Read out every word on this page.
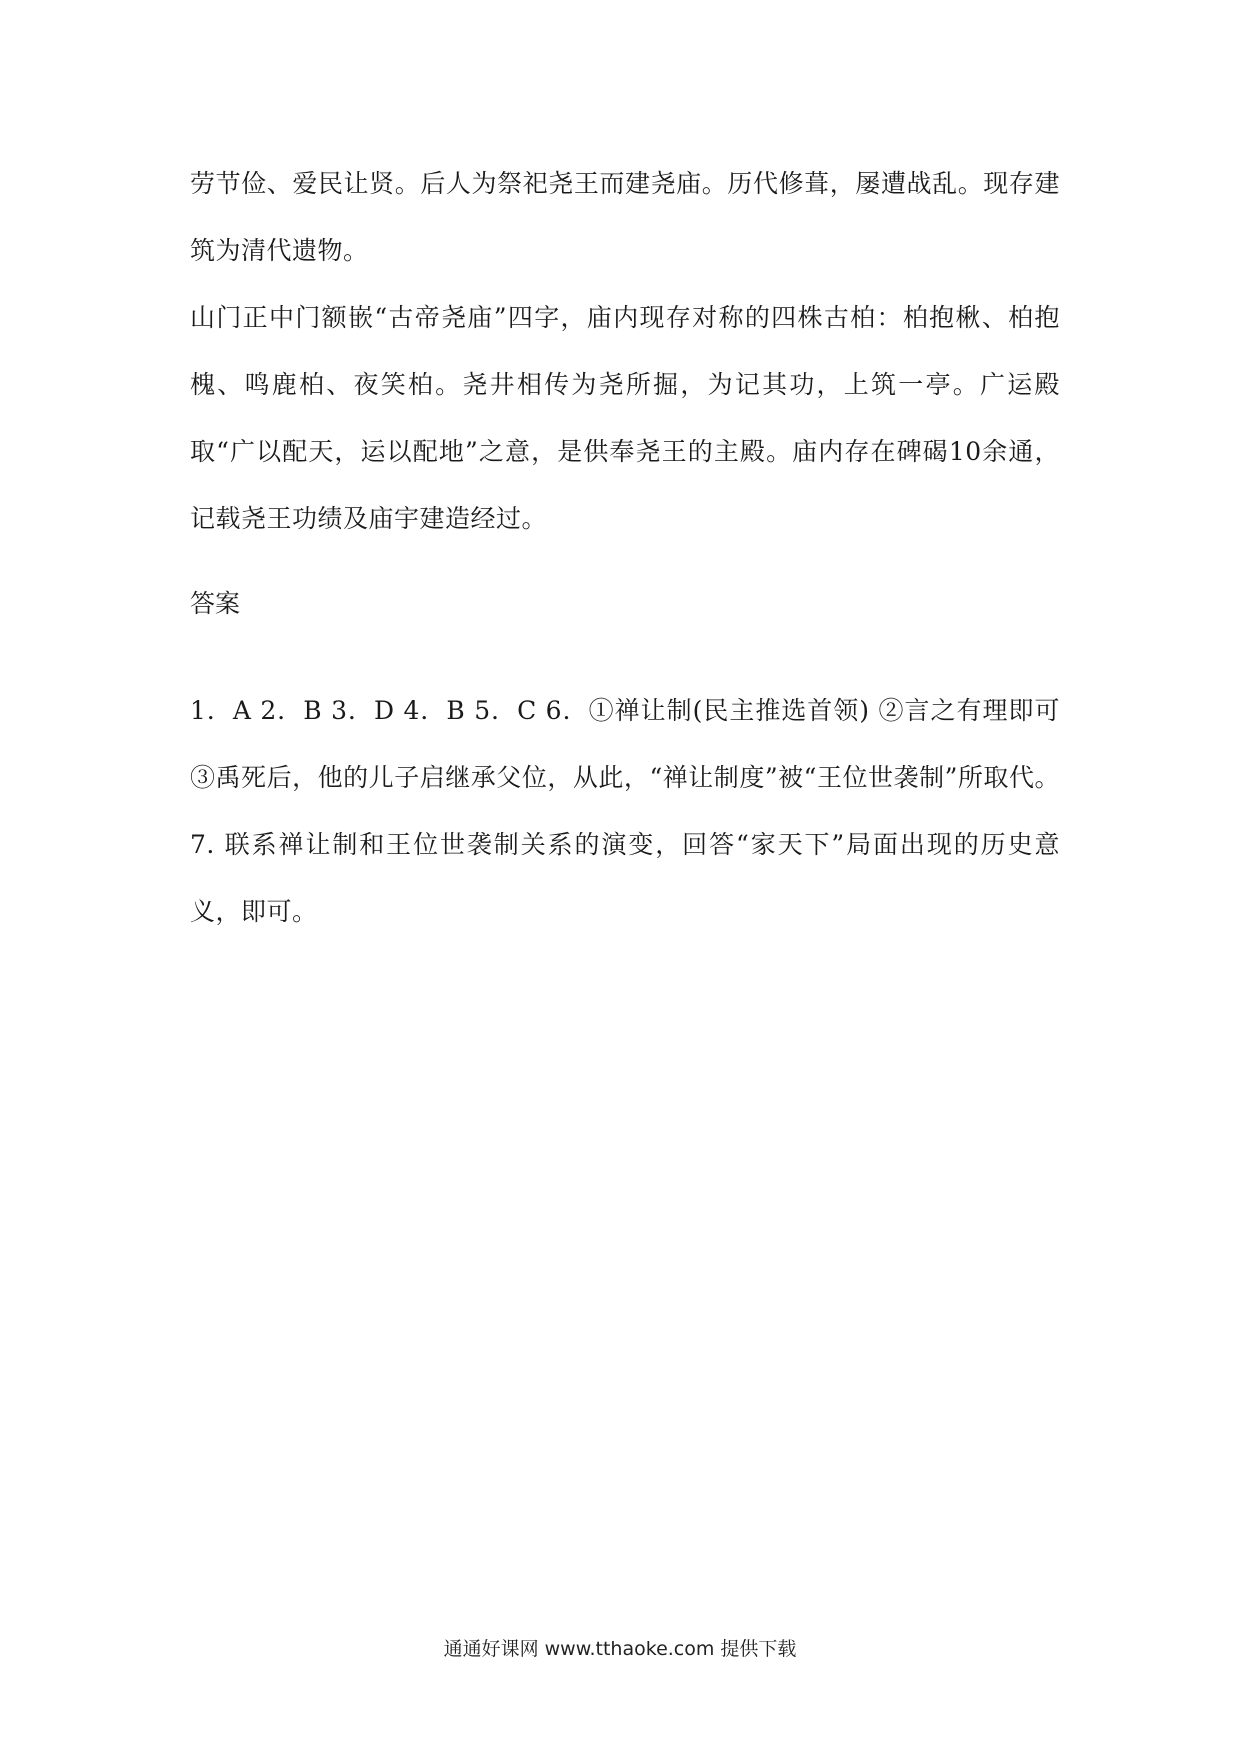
劳节俭、爱民让贤。后人为祭祀尧王而建尧庙。历代修葺，屡遭战乱。现存建筑为清代遗物。

山门正中门额嵌“古帝尧庙”四字，庙内现存对称的四株古柏：柏抱楸、柏抱槐、鸣鹿柏、夜笑柏。尧井相传为尧所掘，为记其功，上筑一亭。广运殿取“广以配天，运以配地”之意，是供奉尧王的主殿。庙内存在碑碣10余通，记载尧王功绩及庙宇建造经过。

答案

1．A 2．B 3．D 4．B 5．C 6．①禅让制(民主推选首领) ②言之有理即可 ③禹死后，他的儿子启继承父位，从此，“禅让制度”被“王位世袭制”所取代。7. 联系禅让制和王位世袭制关系的演变，回答“家天下”局面出现的历史意义，即可。

通通好课网 www.tthaoke.com 提供下载
